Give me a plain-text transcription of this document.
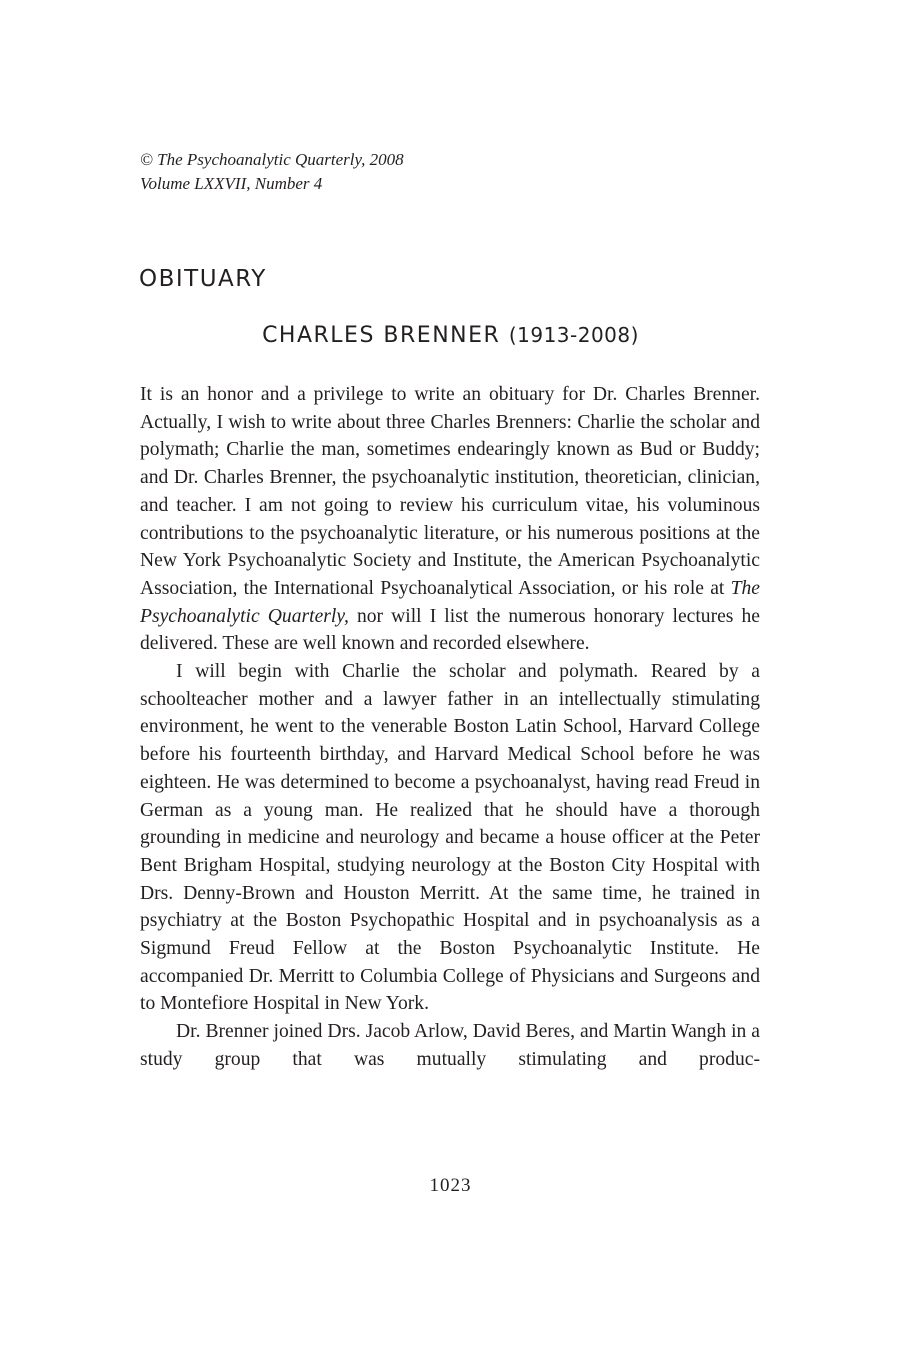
© The Psychoanalytic Quarterly, 2008
Volume LXXVII, Number 4
OBITUARY
CHARLES BRENNER (1913-2008)

It is an honor and a privilege to write an obituary for Dr. Charles Brenner. Actually, I wish to write about three Charles Brenners: Charlie the scholar and polymath; Charlie the man, sometimes endearingly known as Bud or Buddy; and Dr. Charles Brenner, the psychoanalytic institution, theoretician, clinician, and teacher. I am not going to review his curriculum vitae, his voluminous contributions to the psychoanalytic literature, or his numerous positions at the New York Psychoanalytic Society and Institute, the American Psychoanalytic Association, the International Psychoanalytical Association, or his role at The Psychoanalytic Quarterly, nor will I list the numerous honorary lectures he delivered. These are well known and recorded elsewhere.

I will begin with Charlie the scholar and polymath. Reared by a schoolteacher mother and a lawyer father in an intellectually stimulating environment, he went to the venerable Boston Latin School, Harvard College before his fourteenth birthday, and Harvard Medical School before he was eighteen. He was determined to become a psychoanalyst, having read Freud in German as a young man. He realized that he should have a thorough grounding in medicine and neurology and became a house officer at the Peter Bent Brigham Hospital, studying neurology at the Boston City Hospital with Drs. Denny-Brown and Houston Merritt. At the same time, he trained in psychiatry at the Boston Psychopathic Hospital and in psychoanalysis as a Sigmund Freud Fellow at the Boston Psychoanalytic Institute. He accompanied Dr. Merritt to Columbia College of Physicians and Surgeons and to Montefiore Hospital in New York.

Dr. Brenner joined Drs. Jacob Arlow, David Beres, and Martin Wangh in a study group that was mutually stimulating and produc-

1023
